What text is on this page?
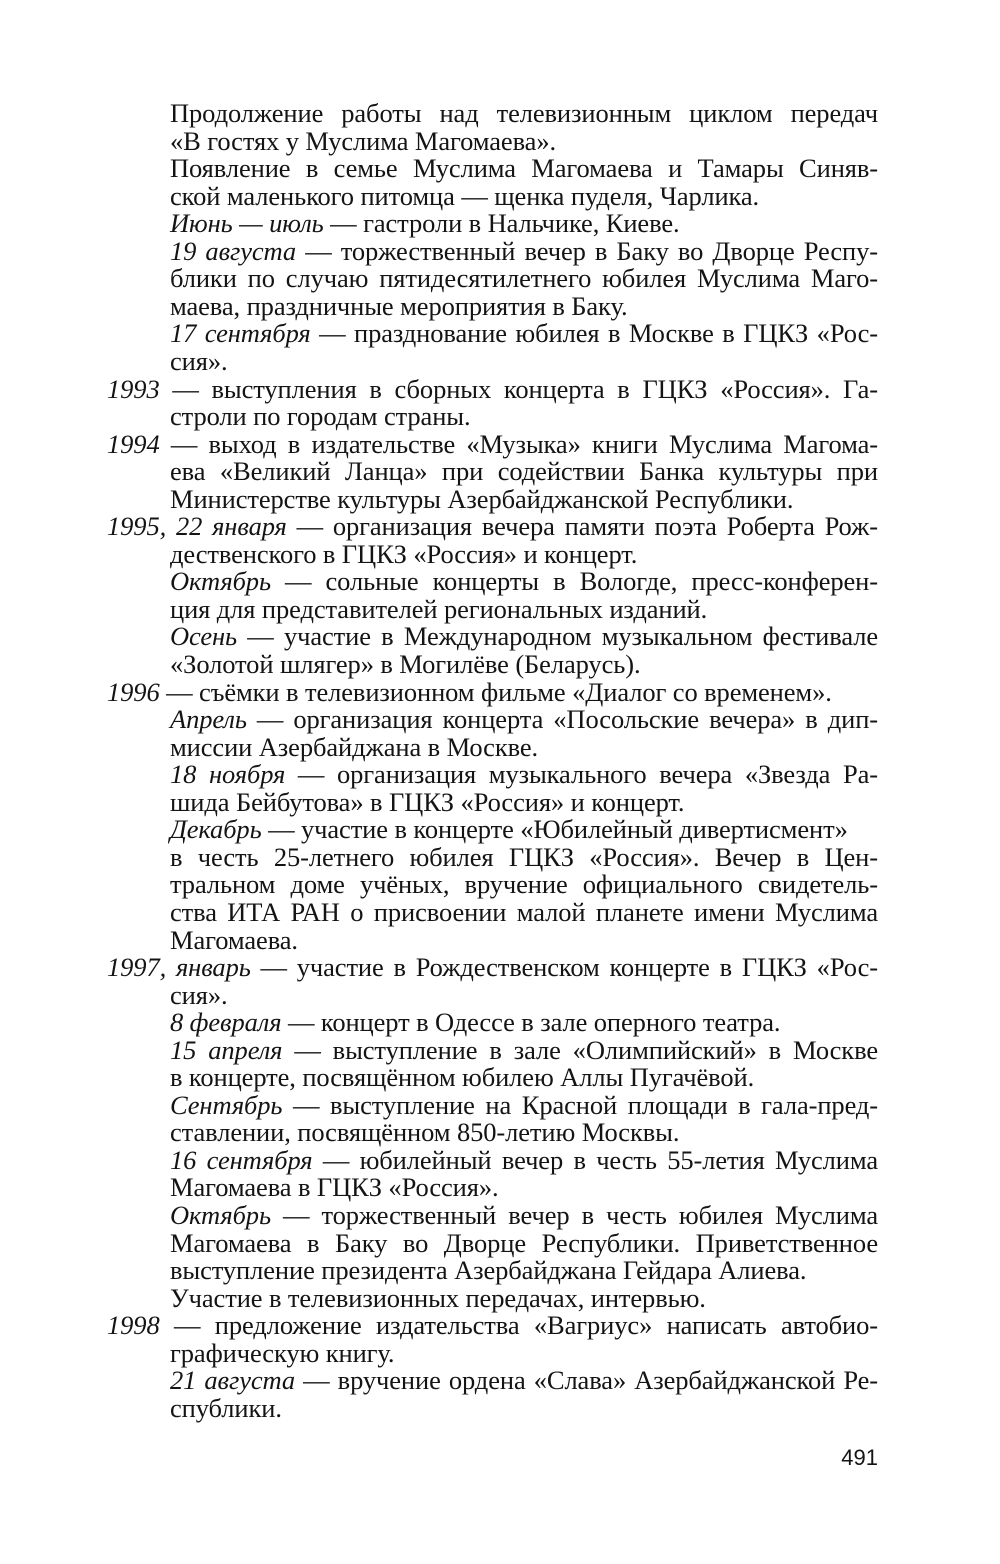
Продолжение работы над телевизионным циклом передач
«В гостях у Муслима Магомаева».
Появление в семье Муслима Магомаева и Тамары Синяв-
ской маленького питомца — щенка пуделя, Чарлика.
Июнь — июль — гастроли в Нальчике, Киеве.
19 августа — торжественный вечер в Баку во Дворце Респу-
блики по случаю пятидесятилетнего юбилея Муслима Маго-
маева, праздничные мероприятия в Баку.
17 сентября — празднование юбилея в Москве в ГЦКЗ «Рос-
сия».
1993 — выступления в сборных концерта в ГЦКЗ «Россия». Га-
строли по городам страны.
1994 — выход в издательстве «Музыка» книги Муслима Магома-
ева «Великий Ланца» при содействии Банка культуры при
Министерстве культуры Азербайджанской Республики.
1995, 22 января — организация вечера памяти поэта Роберта Рож-
дественского в ГЦКЗ «Россия» и концерт.
Октябрь — сольные концерты в Вологде, пресс-конферен-
ция для представителей региональных изданий.
Осень — участие в Международном музыкальном фестивале
«Золотой шлягер» в Могилёве (Беларусь).
1996 — съёмки в телевизионном фильме «Диалог со временем».
Апрель — организация концерта «Посольские вечера» в дип-
миссии Азербайджана в Москве.
18 ноября — организация музыкального вечера «Звезда Ра-
шида Бейбутова» в ГЦКЗ «Россия» и концерт.
Декабрь — участие в концерте «Юбилейный дивертисмент»
в честь 25-летнего юбилея ГЦКЗ «Россия». Вечер в Цен-
тральном доме учёных, вручение официального свидетель-
ства ИТА РАН о присвоении малой планете имени Муслима
Магомаева.
1997, январь — участие в Рождественском концерте в ГЦКЗ «Рос-
сия».
8 февраля — концерт в Одессе в зале оперного театра.
15 апреля — выступление в зале «Олимпийский» в Москве
в концерте, посвящённом юбилею Аллы Пугачёвой.
Сентябрь — выступление на Красной площади в гала-пред-
ставлении, посвящённом 850-летию Москвы.
16 сентября — юбилейный вечер в честь 55-летия Муслима
Магомаева в ГЦКЗ «Россия».
Октябрь — торжественный вечер в честь юбилея Муслима
Магомаева в Баку во Дворце Республики. Приветственное
выступление президента Азербайджана Гейдара Алиева.
Участие в телевизионных передачах, интервью.
1998 — предложение издательства «Вагриус» написать автобио-
графическую книгу.
21 августа — вручение ордена «Слава» Азербайджанской Ре-
спублики.
491
